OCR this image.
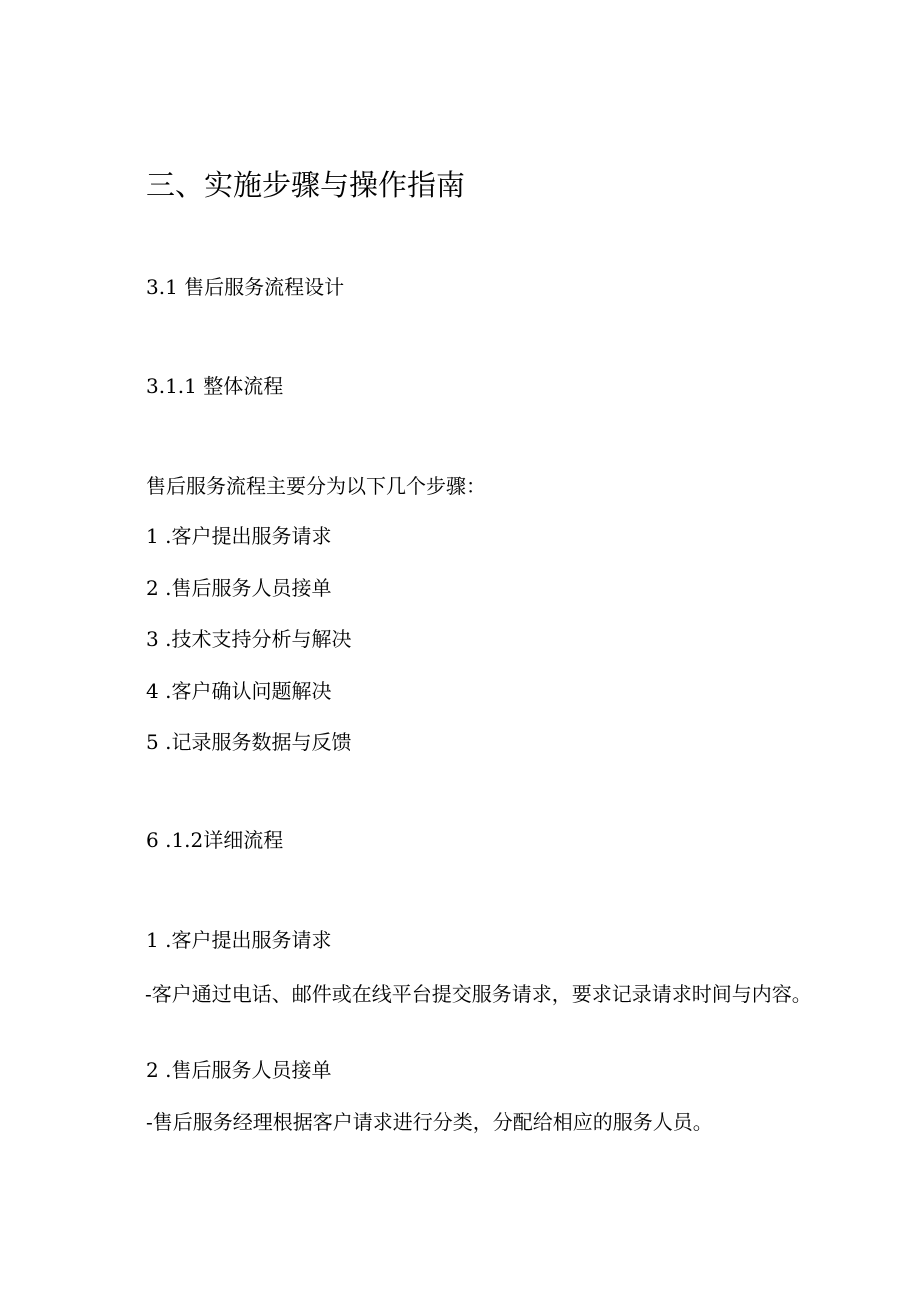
三、实施步骤与操作指南
3.1 售后服务流程设计
3.1.1 整体流程
售后服务流程主要分为以下几个步骤：
1 .客户提出服务请求
2 .售后服务人员接单
3 .技术支持分析与解决
4 .客户确认问题解决
5 .记录服务数据与反馈
6 .1.2详细流程
1 .客户提出服务请求
-客户通过电话、邮件或在线平台提交服务请求，要求记录请求时间与内容。
2 .售后服务人员接单
-售后服务经理根据客户请求进行分类，分配给相应的服务人员。
